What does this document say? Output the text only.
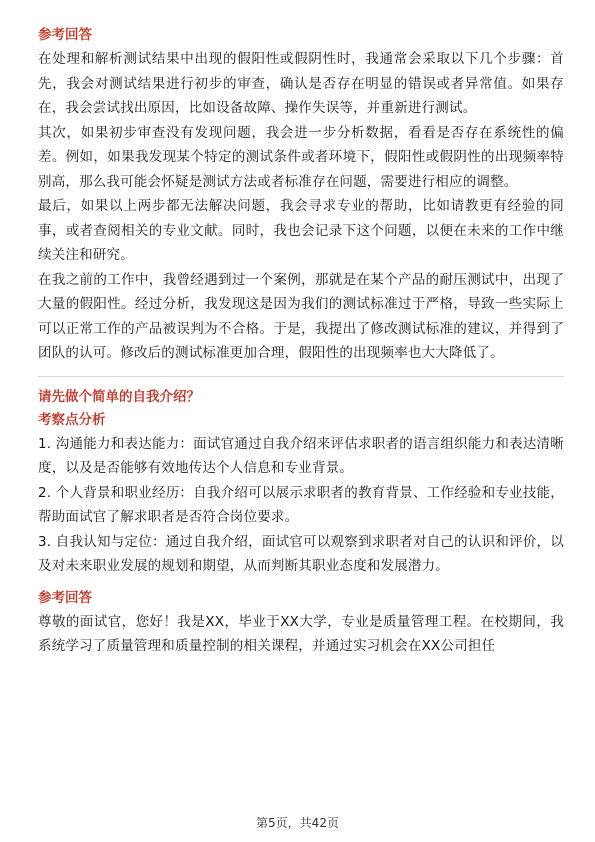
参考回答

在处理和解析测试结果中出现的假阳性或假阴性时，我通常会采取以下几个步骤：首先，我会对测试结果进行初步的审查，确认是否存在明显的错误或者异常值。如果存在，我会尝试找出原因，比如设备故障、操作失误等，并重新进行测试。

其次，如果初步审查没有发现问题，我会进一步分析数据，看看是否存在系统性的偏差。例如，如果我发现某个特定的测试条件或者环境下，假阳性或假阴性的出现频率特别高，那么我可能会怀疑是测试方法或者标准存在问题，需要进行相应的调整。

最后，如果以上两步都无法解决问题，我会寻求专业的帮助，比如请教更有经验的同事，或者查阅相关的专业文献。同时，我也会记录下这个问题，以便在未来的工作中继续关注和研究。

在我之前的工作中，我曾经遇到过一个案例，那就是在某个产品的耐压测试中，出现了大量的假阳性。经过分析，我发现这是因为我们的测试标准过于严格，导致一些实际上可以正常工作的产品被误判为不合格。于是，我提出了修改测试标准的建议，并得到了团队的认可。修改后的测试标准更加合理，假阳性的出现频率也大大降低了。

请先做个简单的自我介绍？
考察点分析

1. 沟通能力和表达能力：面试官通过自我介绍来评估求职者的语言组织能力和表达清晰度，以及是否能够有效地传达个人信息和专业背景。

2. 个人背景和职业经历：自我介绍可以展示求职者的教育背景、工作经验和专业技能，帮助面试官了解求职者是否符合岗位要求。

3. 自我认知与定位：通过自我介绍，面试官可以观察到求职者对自己的认识和评价，以及对未来职业发展的规划和期望，从而判断其职业态度和发展潜力。

参考回答

尊敬的面试官，您好！我是XX，毕业于XX大学，专业是质量管理工程。在校期间，我系统学习了质量管理和质量控制的相关课程，并通过实习机会在XX公司担任

第5页，共42页
